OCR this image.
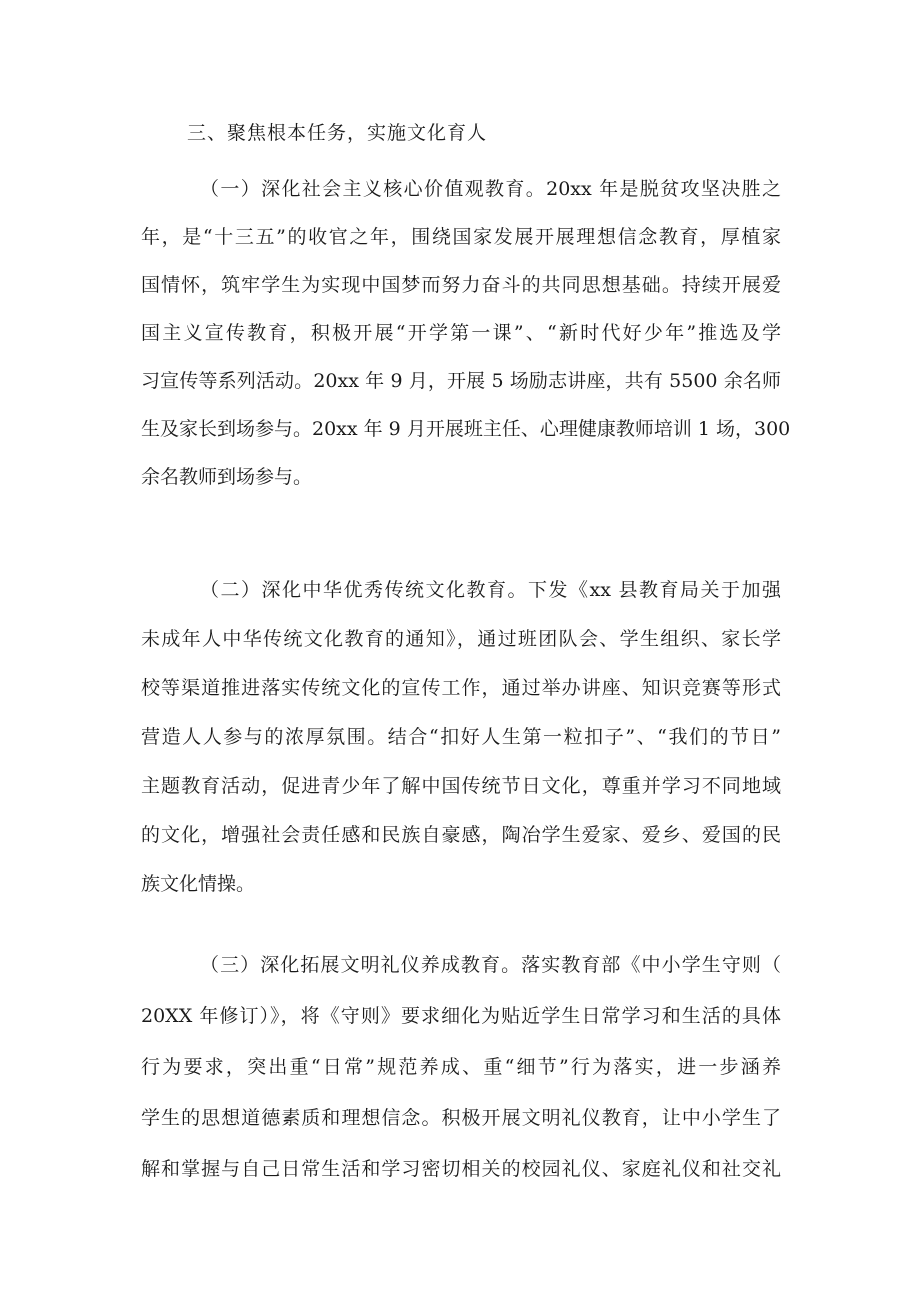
三、聚焦根本任务，实施文化育人
（一）深化社会主义核心价值观教育。20xx 年是脱贫攻坚决胜之
年，是“十三五”的收官之年，围绕国家发展开展理想信念教育，厚植家
国情怀，筑牢学生为实现中国梦而努力奋斗的共同思想基础。持续开展爱
国主义宣传教育，积极开展“开学第一课”、“新时代好少年”推选及学
习宣传等系列活动。20xx 年 9 月，开展 5 场励志讲座，共有 5500 余名师
生及家长到场参与。20xx 年 9 月开展班主任、心理健康教师培训 1 场，300
余名教师到场参与。
（二）深化中华优秀传统文化教育。下发《xx 县教育局关于加强
未成年人中华传统文化教育的通知》，通过班团队会、学生组织、家长学
校等渠道推进落实传统文化的宣传工作，通过举办讲座、知识竞赛等形式
营造人人参与的浓厚氛围。结合“扣好人生第一粒扣子”、“我们的节日”
主题教育活动，促进青少年了解中国传统节日文化，尊重并学习不同地域
的文化，增强社会责任感和民族自豪感，陶冶学生爱家、爱乡、爱国的民
族文化情操。
（三）深化拓展文明礼仪养成教育。落实教育部《中小学生守则（
20XX 年修订）》，将《守则》要求细化为贴近学生日常学习和生活的具体
行为要求，突出重“日常”规范养成、重“细节”行为落实，进一步涵养
学生的思想道德素质和理想信念。积极开展文明礼仪教育，让中小学生了
解和掌握与自己日常生活和学习密切相关的校园礼仪、家庭礼仪和社交礼
